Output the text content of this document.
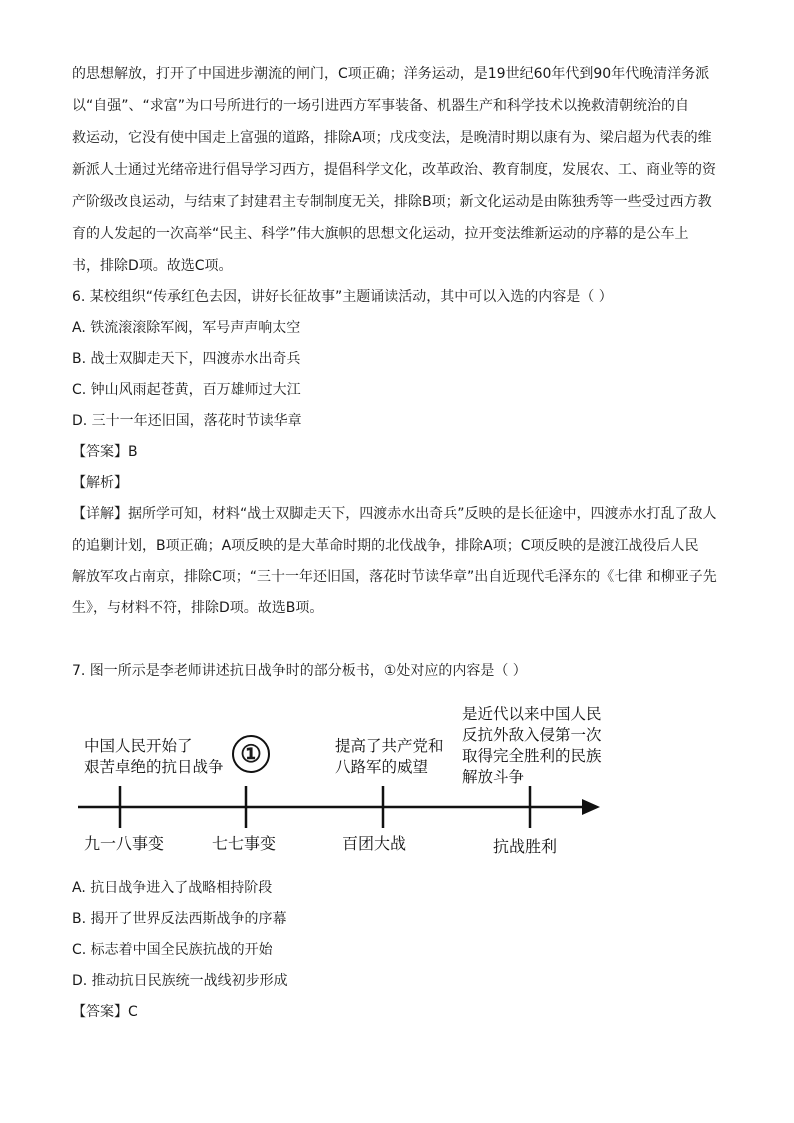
的思想解放，打开了中国进步潮流的闸门，C项正确；洋务运动，是19世纪60年代到90年代晚清洋务派
以“自强”、“求富”为口号所进行的一场引进西方军事装备、机器生产和科学技术以挽救清朝统治的自
救运动，它没有使中国走上富强的道路，排除A项；戊戌变法，是晚清时期以康有为、梁启超为代表的维
新派人士通过光绪帝进行倡导学习西方，提倡科学文化，改革政治、教育制度，发展农、工、商业等的资
产阶级改良运动，与结束了封建君主专制制度无关，排除B项；新文化运动是由陈独秀等一些受过西方教
育的人发起的一次高举“民主、科学”伟大旗帜的思想文化运动，拉开变法维新运动的序幕的是公车上
书，排除D项。故选C项。
6. 某校组织“传承红色去因，讲好长征故事”主题诵读活动，其中可以入选的内容是（ ）
A. 铁流滚滚除军阀，军号声声响太空
B. 战士双脚走天下，四渡赤水出奇兵
C. 钟山风雨起苍黄，百万雄师过大江
D. 三十一年还旧国，落花时节读华章
【答案】B
【解析】
【详解】据所学可知，材料“战士双脚走天下，四渡赤水出奇兵”反映的是长征途中，四渡赤水打乱了敌人
的追剿计划，B项正确；A项反映的是大革命时期的北伐战争，排除A项；C项反映的是渡江战役后人民
解放军攻占南京，排除C项；“三十一年还旧国，落花时节读华章”出自近现代毛泽东的《七律 和柳亚子先
生》，与材料不符，排除D项。故选B项。
7. 图一所示是李老师讲述抗日战争时的部分板书，①处对应的内容是（ ）
中国人民开始了
艰苦卓绝的抗日战争 ①	提高了共产党和
八路军的威望
是近代以来中国人民
反抗外敌入侵第一次
取得完全胜利的民族
解放斗争
九一八事变	七七事变	百团大战	抗战胜利
A. 抗日战争进入了战略相持阶段
B. 揭开了世界反法西斯战争的序幕
C. 标志着中国全民族抗战的开始
D. 推动抗日民族统一战线初步形成
【答案】C
